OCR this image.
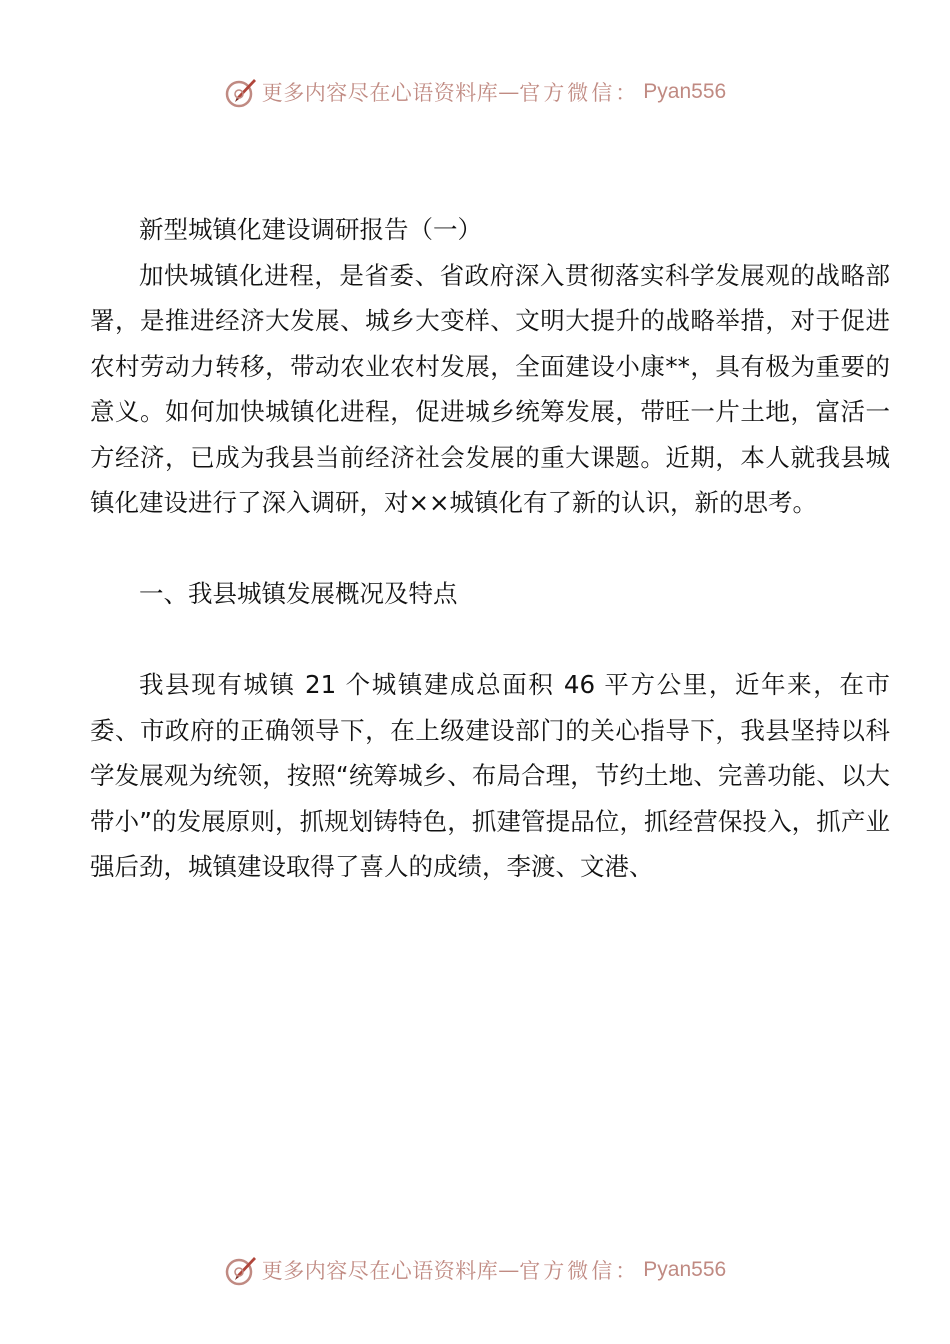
更多内容尽在心语资料库 — 官方微信： Pyan556

新型城镇化建设调研报告（一）

加快城镇化进程，是省委、省政府深入贯彻落实科学发展观的战略部署，是推进经济大发展、城乡大变样、文明大提升的战略举措，对于促进农村劳动力转移，带动农业农村发展，全面建设小康**，具有极为重要的意义。如何加快城镇化进程，促进城乡统筹发展，带旺一片土地，富活一方经济，已成为我县当前经济社会发展的重大课题。近期，本人就我县城镇化建设进行了深入调研，对××城镇化有了新的认识，新的思考。

一、我县城镇发展概况及特点

我县现有城镇 21 个城镇建成总面积 46 平方公里，近年来，在市委、市政府的正确领导下，在上级建设部门的关心指导下，我县坚持以科学发展观为统领，按照“统筹城乡、布局合理，节约土地、完善功能、以大带小”的发展原则，抓规划铸特色，抓建管提品位，抓经营保投入，抓产业强后劲，城镇建设取得了喜人的成绩，李渡、文港、

更多内容尽在心语资料库 — 官方微信： Pyan556
